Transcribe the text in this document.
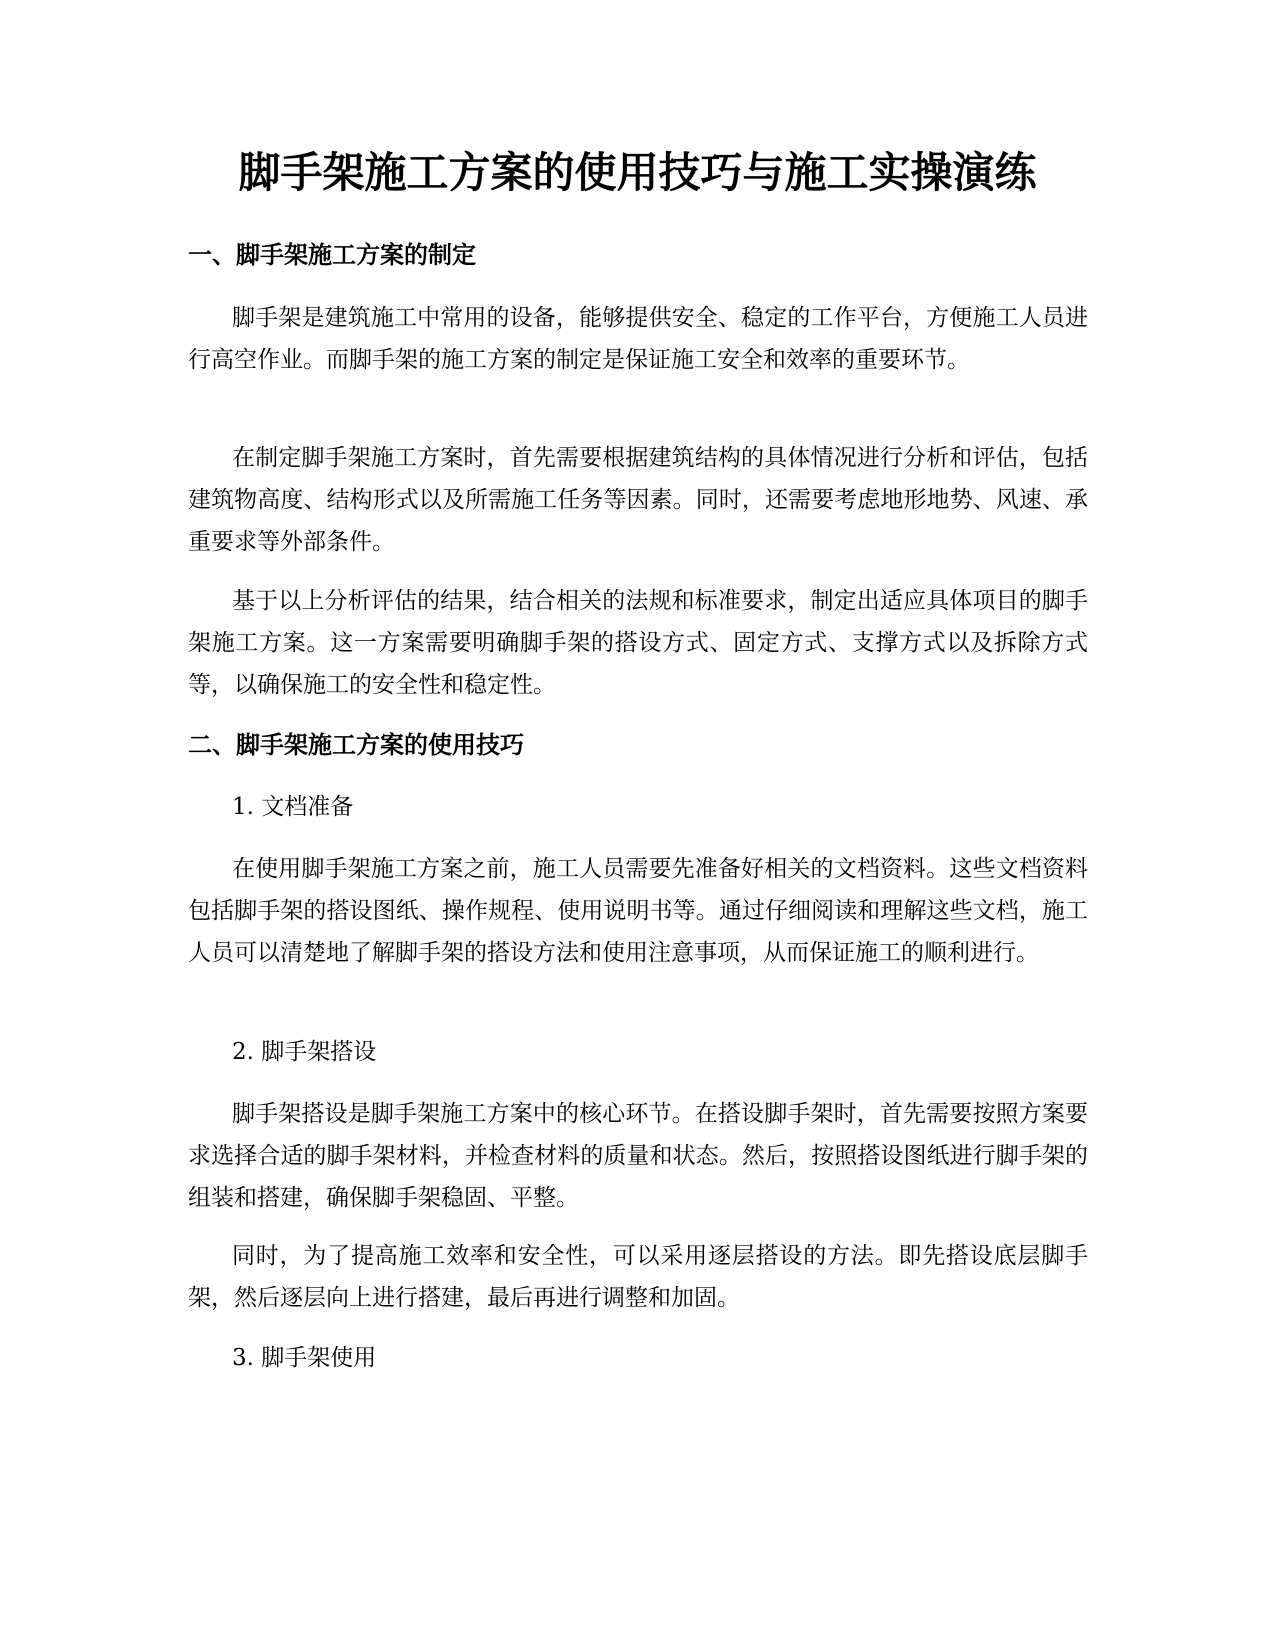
脚手架施工方案的使用技巧与施工实操演练
一、脚手架施工方案的制定

脚手架是建筑施工中常用的设备，能够提供安全、稳定的工作平台，方便施工人员进行高空作业。而脚手架的施工方案的制定是保证施工安全和效率的重要环节。

在制定脚手架施工方案时，首先需要根据建筑结构的具体情况进行分析和评估，包括建筑物高度、结构形式以及所需施工任务等因素。同时，还需要考虑地形地势、风速、承重要求等外部条件。

基于以上分析评估的结果，结合相关的法规和标准要求，制定出适应具体项目的脚手架施工方案。这一方案需要明确脚手架的搭设方式、固定方式、支撑方式以及拆除方式等，以确保施工的安全性和稳定性。

二、脚手架施工方案的使用技巧

1. 文档准备

在使用脚手架施工方案之前，施工人员需要先准备好相关的文档资料。这些文档资料包括脚手架的搭设图纸、操作规程、使用说明书等。通过仔细阅读和理解这些文档，施工人员可以清楚地了解脚手架的搭设方法和使用注意事项，从而保证施工的顺利进行。

2. 脚手架搭设

脚手架搭设是脚手架施工方案中的核心环节。在搭设脚手架时，首先需要按照方案要求选择合适的脚手架材料，并检查材料的质量和状态。然后，按照搭设图纸进行脚手架的组装和搭建，确保脚手架稳固、平整。

同时，为了提高施工效率和安全性，可以采用逐层搭设的方法。即先搭设底层脚手架，然后逐层向上进行搭建，最后再进行调整和加固。

3. 脚手架使用
